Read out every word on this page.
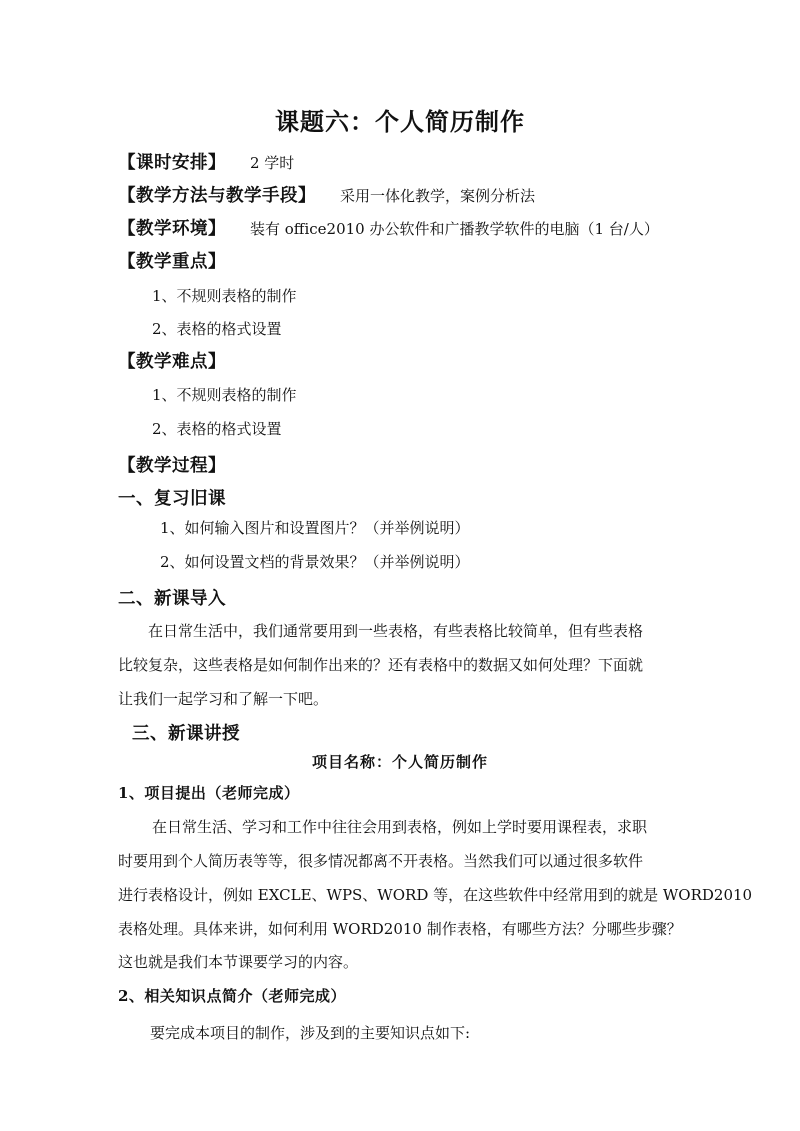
课题六：个人简历制作
【课时安排】 2 学时
【教学方法与教学手段】 采用一体化教学，案例分析法
【教学环境】 装有 office2010 办公软件和广播教学软件的电脑（1 台/人）
【教学重点】
1、不规则表格的制作
2、表格的格式设置
【教学难点】
1、不规则表格的制作
2、表格的格式设置
【教学过程】
一、复习旧课
1、如何输入图片和设置图片？（并举例说明）
2、如何设置文档的背景效果？（并举例说明）
二、新课导入
在日常生活中，我们通常要用到一些表格，有些表格比较简单，但有些表格
比较复杂，这些表格是如何制作出来的？还有表格中的数据又如何处理？下面就
让我们一起学习和了解一下吧。
三、新课讲授
项目名称：个人简历制作
1、项目提出（老师完成）
在日常生活、学习和工作中往往会用到表格，例如上学时要用课程表，求职
时要用到个人简历表等等，很多情况都离不开表格。当然我们可以通过很多软件
进行表格设计，例如 EXCLE、WPS、WORD 等，在这些软件中经常用到的就是 WORD2010
表格处理。具体来讲，如何利用 WORD2010 制作表格，有哪些方法？分哪些步骤？
这也就是我们本节课要学习的内容。
2、相关知识点简介（老师完成）
要完成本项目的制作，涉及到的主要知识点如下:
